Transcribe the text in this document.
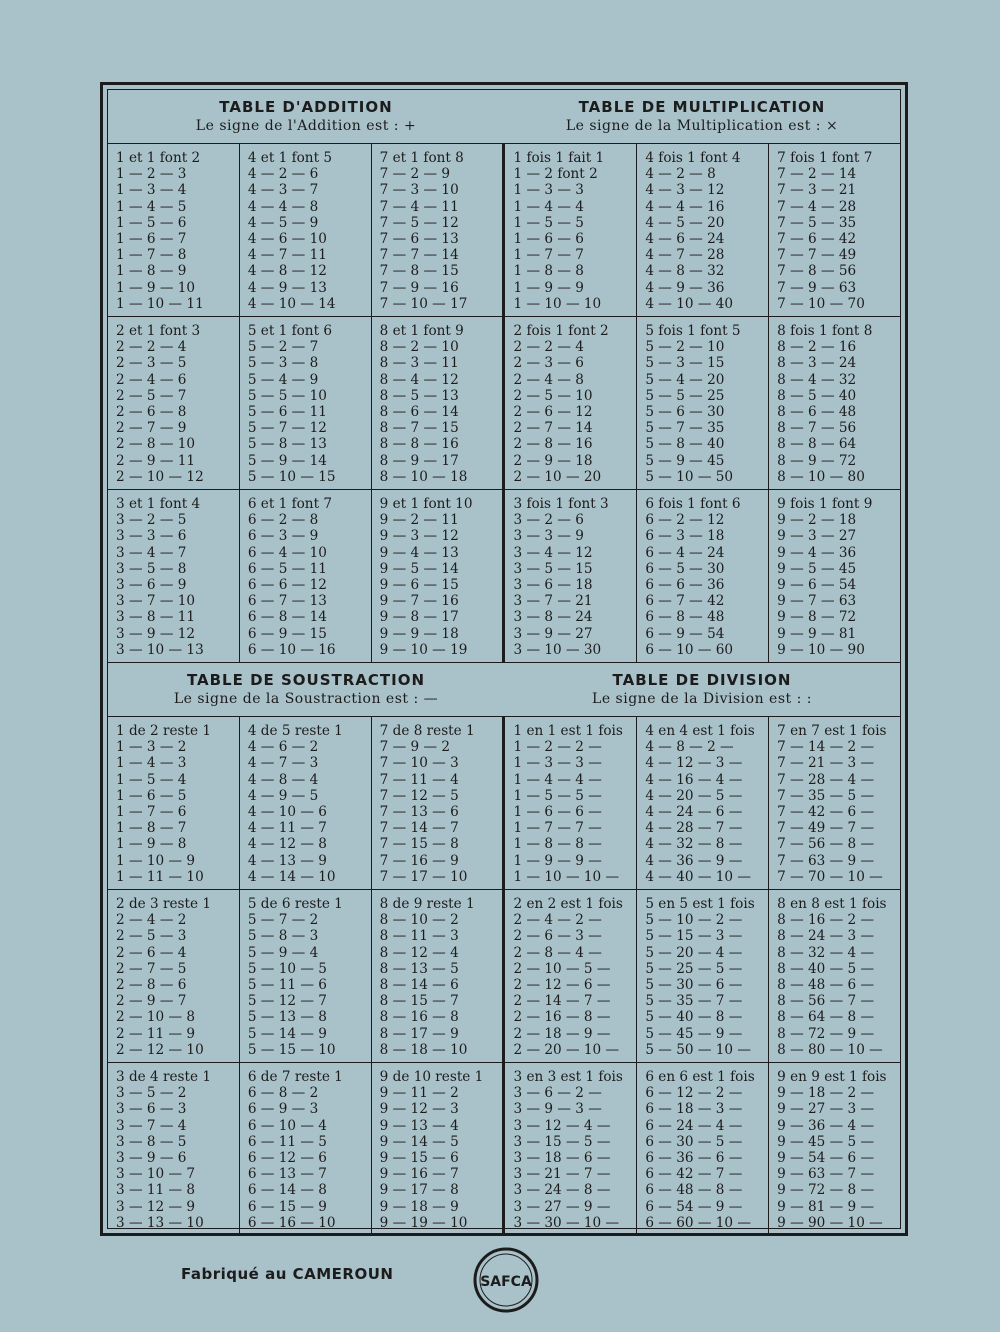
TABLE D'ADDITION
Le signe de l'Addition est : +
TABLE DE MULTIPLICATION
Le signe de la Multiplication est : ×
1 et 1 font 2
1 — 2 — 3
1 — 3 — 4
1 — 4 — 5
1 — 5 — 6
1 — 6 — 7
1 — 7 — 8
1 — 8 — 9
1 — 9 — 10
1 — 10 — 11
4 et 1 font 5
4 — 2 — 6
4 — 3 — 7
4 — 4 — 8
4 — 5 — 9
4 — 6 — 10
4 — 7 — 11
4 — 8 — 12
4 — 9 — 13
4 — 10 — 14
7 et 1 font 8
7 — 2 — 9
7 — 3 — 10
7 — 4 — 11
7 — 5 — 12
7 — 6 — 13
7 — 7 — 14
7 — 8 — 15
7 — 9 — 16
7 — 10 — 17
1 fois 1 fait 1
1 — 2 font 2
1 — 3 — 3
1 — 4 — 4
1 — 5 — 5
1 — 6 — 6
1 — 7 — 7
1 — 8 — 8
1 — 9 — 9
1 — 10 — 10
4 fois 1 font 4
4 — 2 — 8
4 — 3 — 12
4 — 4 — 16
4 — 5 — 20
4 — 6 — 24
4 — 7 — 28
4 — 8 — 32
4 — 9 — 36
4 — 10 — 40
7 fois 1 font 7
7 — 2 — 14
7 — 3 — 21
7 — 4 — 28
7 — 5 — 35
7 — 6 — 42
7 — 7 — 49
7 — 8 — 56
7 — 9 — 63
7 — 10 — 70
2 et 1 font 3
2 — 2 — 4
2 — 3 — 5
2 — 4 — 6
2 — 5 — 7
2 — 6 — 8
2 — 7 — 9
2 — 8 — 10
2 — 9 — 11
2 — 10 — 12
5 et 1 font 6
5 — 2 — 7
5 — 3 — 8
5 — 4 — 9
5 — 5 — 10
5 — 6 — 11
5 — 7 — 12
5 — 8 — 13
5 — 9 — 14
5 — 10 — 15
8 et 1 font 9
8 — 2 — 10
8 — 3 — 11
8 — 4 — 12
8 — 5 — 13
8 — 6 — 14
8 — 7 — 15
8 — 8 — 16
8 — 9 — 17
8 — 10 — 18
2 fois 1 font 2
2 — 2 — 4
2 — 3 — 6
2 — 4 — 8
2 — 5 — 10
2 — 6 — 12
2 — 7 — 14
2 — 8 — 16
2 — 9 — 18
2 — 10 — 20
5 fois 1 font 5
5 — 2 — 10
5 — 3 — 15
5 — 4 — 20
5 — 5 — 25
5 — 6 — 30
5 — 7 — 35
5 — 8 — 40
5 — 9 — 45
5 — 10 — 50
8 fois 1 font 8
8 — 2 — 16
8 — 3 — 24
8 — 4 — 32
8 — 5 — 40
8 — 6 — 48
8 — 7 — 56
8 — 8 — 64
8 — 9 — 72
8 — 10 — 80
3 et 1 font 4
3 — 2 — 5
3 — 3 — 6
3 — 4 — 7
3 — 5 — 8
3 — 6 — 9
3 — 7 — 10
3 — 8 — 11
3 — 9 — 12
3 — 10 — 13
6 et 1 font 7
6 — 2 — 8
6 — 3 — 9
6 — 4 — 10
6 — 5 — 11
6 — 6 — 12
6 — 7 — 13
6 — 8 — 14
6 — 9 — 15
6 — 10 — 16
9 et 1 font 10
9 — 2 — 11
9 — 3 — 12
9 — 4 — 13
9 — 5 — 14
9 — 6 — 15
9 — 7 — 16
9 — 8 — 17
9 — 9 — 18
9 — 10 — 19
3 fois 1 font 3
3 — 2 — 6
3 — 3 — 9
3 — 4 — 12
3 — 5 — 15
3 — 6 — 18
3 — 7 — 21
3 — 8 — 24
3 — 9 — 27
3 — 10 — 30
6 fois 1 font 6
6 — 2 — 12
6 — 3 — 18
6 — 4 — 24
6 — 5 — 30
6 — 6 — 36
6 — 7 — 42
6 — 8 — 48
6 — 9 — 54
6 — 10 — 60
9 fois 1 font 9
9 — 2 — 18
9 — 3 — 27
9 — 4 — 36
9 — 5 — 45
9 — 6 — 54
9 — 7 — 63
9 — 8 — 72
9 — 9 — 81
9 — 10 — 90
TABLE DE SOUSTRACTION
Le signe de la Soustraction est : —
TABLE DE DIVISION
Le signe de la Division est : :
1 de 2 reste 1
1 — 3 — 2
1 — 4 — 3
1 — 5 — 4
1 — 6 — 5
1 — 7 — 6
1 — 8 — 7
1 — 9 — 8
1 — 10 — 9
1 — 11 — 10
4 de 5 reste 1
4 — 6 — 2
4 — 7 — 3
4 — 8 — 4
4 — 9 — 5
4 — 10 — 6
4 — 11 — 7
4 — 12 — 8
4 — 13 — 9
4 — 14 — 10
7 de 8 reste 1
7 — 9 — 2
7 — 10 — 3
7 — 11 — 4
7 — 12 — 5
7 — 13 — 6
7 — 14 — 7
7 — 15 — 8
7 — 16 — 9
7 — 17 — 10
1 en 1 est 1 fois
1 — 2 — 2 —
1 — 3 — 3 —
1 — 4 — 4 —
1 — 5 — 5 —
1 — 6 — 6 —
1 — 7 — 7 —
1 — 8 — 8 —
1 — 9 — 9 —
1 — 10 — 10 —
4 en 4 est 1 fois
4 — 8 — 2 —
4 — 12 — 3 —
4 — 16 — 4 —
4 — 20 — 5 —
4 — 24 — 6 —
4 — 28 — 7 —
4 — 32 — 8 —
4 — 36 — 9 —
4 — 40 — 10 —
7 en 7 est 1 fois
7 — 14 — 2 —
7 — 21 — 3 —
7 — 28 — 4 —
7 — 35 — 5 —
7 — 42 — 6 —
7 — 49 — 7 —
7 — 56 — 8 —
7 — 63 — 9 —
7 — 70 — 10 —
2 de 3 reste 1
2 — 4 — 2
2 — 5 — 3
2 — 6 — 4
2 — 7 — 5
2 — 8 — 6
2 — 9 — 7
2 — 10 — 8
2 — 11 — 9
2 — 12 — 10
5 de 6 reste 1
5 — 7 — 2
5 — 8 — 3
5 — 9 — 4
5 — 10 — 5
5 — 11 — 6
5 — 12 — 7
5 — 13 — 8
5 — 14 — 9
5 — 15 — 10
8 de 9 reste 1
8 — 10 — 2
8 — 11 — 3
8 — 12 — 4
8 — 13 — 5
8 — 14 — 6
8 — 15 — 7
8 — 16 — 8
8 — 17 — 9
8 — 18 — 10
2 en 2 est 1 fois
2 — 4 — 2 —
2 — 6 — 3 —
2 — 8 — 4 —
2 — 10 — 5 —
2 — 12 — 6 —
2 — 14 — 7 —
2 — 16 — 8 —
2 — 18 — 9 —
2 — 20 — 10 —
5 en 5 est 1 fois
5 — 10 — 2 —
5 — 15 — 3 —
5 — 20 — 4 —
5 — 25 — 5 —
5 — 30 — 6 —
5 — 35 — 7 —
5 — 40 — 8 —
5 — 45 — 9 —
5 — 50 — 10 —
8 en 8 est 1 fois
8 — 16 — 2 —
8 — 24 — 3 —
8 — 32 — 4 —
8 — 40 — 5 —
8 — 48 — 6 —
8 — 56 — 7 —
8 — 64 — 8 —
8 — 72 — 9 —
8 — 80 — 10 —
3 de 4 reste 1
3 — 5 — 2
3 — 6 — 3
3 — 7 — 4
3 — 8 — 5
3 — 9 — 6
3 — 10 — 7
3 — 11 — 8
3 — 12 — 9
3 — 13 — 10
6 de 7 reste 1
6 — 8 — 2
6 — 9 — 3
6 — 10 — 4
6 — 11 — 5
6 — 12 — 6
6 — 13 — 7
6 — 14 — 8
6 — 15 — 9
6 — 16 — 10
9 de 10 reste 1
9 — 11 — 2
9 — 12 — 3
9 — 13 — 4
9 — 14 — 5
9 — 15 — 6
9 — 16 — 7
9 — 17 — 8
9 — 18 — 9
9 — 19 — 10
3 en 3 est 1 fois
3 — 6 — 2 —
3 — 9 — 3 —
3 — 12 — 4 —
3 — 15 — 5 —
3 — 18 — 6 —
3 — 21 — 7 —
3 — 24 — 8 —
3 — 27 — 9 —
3 — 30 — 10 —
6 en 6 est 1 fois
6 — 12 — 2 —
6 — 18 — 3 —
6 — 24 — 4 —
6 — 30 — 5 —
6 — 36 — 6 —
6 — 42 — 7 —
6 — 48 — 8 —
6 — 54 — 9 —
6 — 60 — 10 —
9 en 9 est 1 fois
9 — 18 — 2 —
9 — 27 — 3 —
9 — 36 — 4 —
9 — 45 — 5 —
9 — 54 — 6 —
9 — 63 — 7 —
9 — 72 — 8 —
9 — 81 — 9 —
9 — 90 — 10 —
Fabriqué au CAMEROUN	SAFCA
